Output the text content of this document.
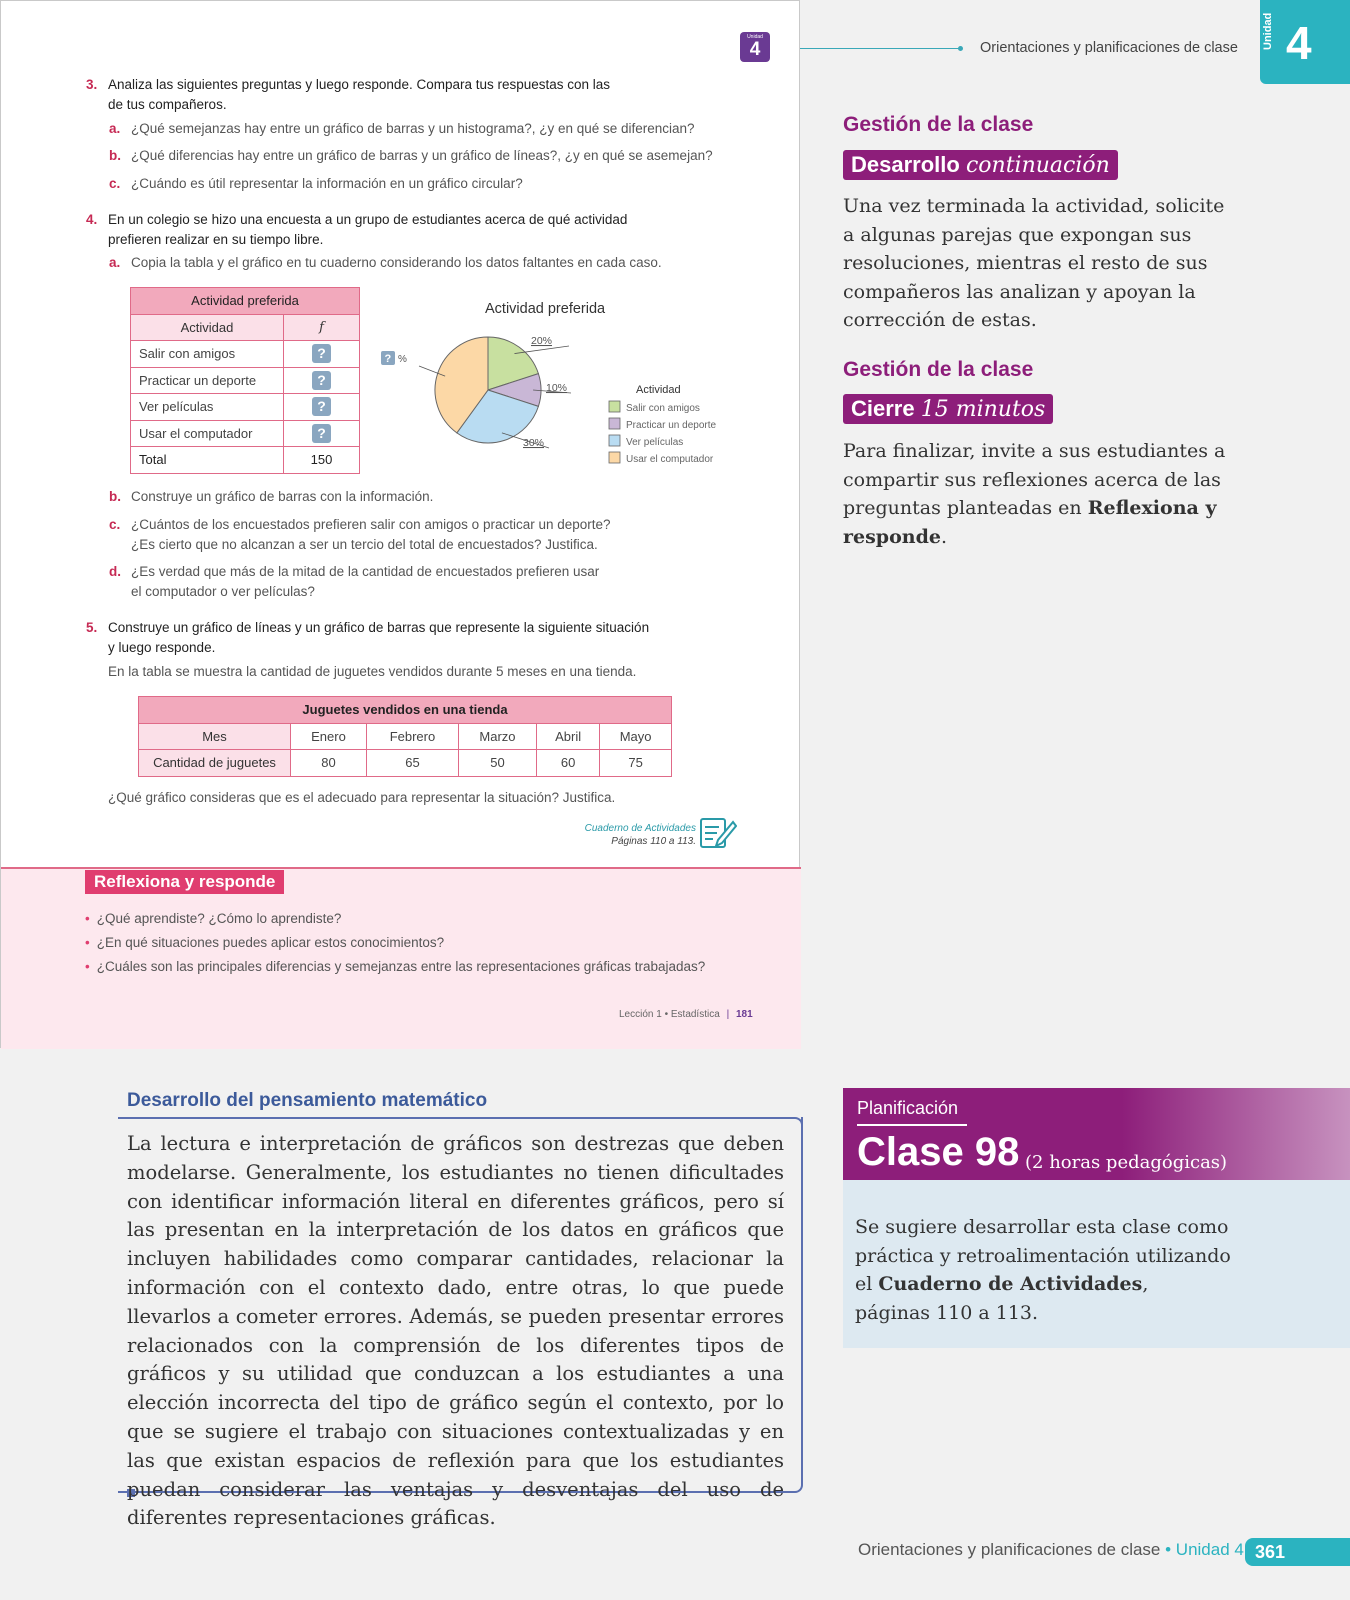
Unidad
4
3. Analiza las siguientes preguntas y luego responde. Compara tus respuestas con las
de tus compañeros.
a. ¿Qué semejanzas hay entre un gráfico de barras y un histograma?, ¿y en qué se diferencian?
b. ¿Qué diferencias hay entre un gráfico de barras y un gráfico de líneas?, ¿y en qué se asemejan?
c. ¿Cuándo es útil representar la información en un gráfico circular?
4. En un colegio se hizo una encuesta a un grupo de estudiantes acerca de qué actividad
prefieren realizar en su tiempo libre.
a. Copia la tabla y el gráfico en tu cuaderno considerando los datos faltantes en cada caso.
Actividad preferida	
Actividad	f
Salir con amigos	?
Practicar un deporte	?
Ver películas	?
Usar el computador	?
Total	150
Actividad preferida
20%
10%
30%
? %
Actividad
Salir con amigos
Practicar un deporte
Ver películas
Usar el computador
b. Construye un gráfico de barras con la información.
c. ¿Cuántos de los encuestados prefieren salir con amigos o practicar un deporte?
¿Es cierto que no alcanzan a ser un tercio del total de encuestados? Justifica.
d. ¿Es verdad que más de la mitad de la cantidad de encuestados prefieren usar
el computador o ver películas?
5. Construye un gráfico de líneas y un gráfico de barras que represente la siguiente situación
y luego responde.
En la tabla se muestra la cantidad de juguetes vendidos durante 5 meses en una tienda.
Juguetes vendidos en una tienda					
Mes	Enero	Febrero	Marzo	Abril	Mayo
Cantidad de juguetes	80	65	50	60	75
¿Qué gráfico consideras que es el adecuado para representar la situación? Justifica.
Cuaderno de Actividades
Páginas 110 a 113.
Reflexiona y responde
• ¿Qué aprendiste? ¿Cómo lo aprendiste?
• ¿En qué situaciones puedes aplicar estos conocimientos?
• ¿Cuáles son las principales diferencias y semejanzas entre las representaciones gráficas trabajadas?
Lección 1 • Estadística | 181
Orientaciones y planificaciones de clase Unidad 4
Gestión de la clase
Desarrollo continuación
Una vez terminada la actividad, solicite
a algunas parejas que expongan sus
resoluciones, mientras el resto de sus
compañeros las analizan y apoyan la
corrección de estas.
Gestión de la clase
Cierre 15 minutos
Para finalizar, invite a sus estudiantes a
compartir sus reflexiones acerca de las
preguntas planteadas en Reflexiona y
responde.
Desarrollo del pensamiento matemático
La lectura e interpretación de gráficos son destrezas que deben modelarse. Generalmente, los estudiantes no tienen dificultades con identificar información literal en diferentes gráficos, pero sí las presentan en la interpretación de los datos en gráficos que incluyen habilidades como comparar cantidades, relacionar la información con el contexto dado, entre otras, lo que puede llevarlos a cometer errores. Además, se pueden presentar errores relacionados con la comprensión de los diferentes tipos de gráficos y su utilidad que conduzcan a los estudiantes a una elección incorrecta del tipo de gráfico según el contexto, por lo que se sugiere el trabajo con situaciones contextualizadas y en las que existan espacios de reflexión para que los estudiantes puedan considerar las ventajas y desventajas del uso de diferentes representaciones gráficas.
Planificación
Clase 98 (2 horas pedagógicas)
Se sugiere desarrollar esta clase como
práctica y retroalimentación utilizando
el Cuaderno de Actividades,
páginas 110 a 113.
Orientaciones y planificaciones de clase • Unidad 4 361
